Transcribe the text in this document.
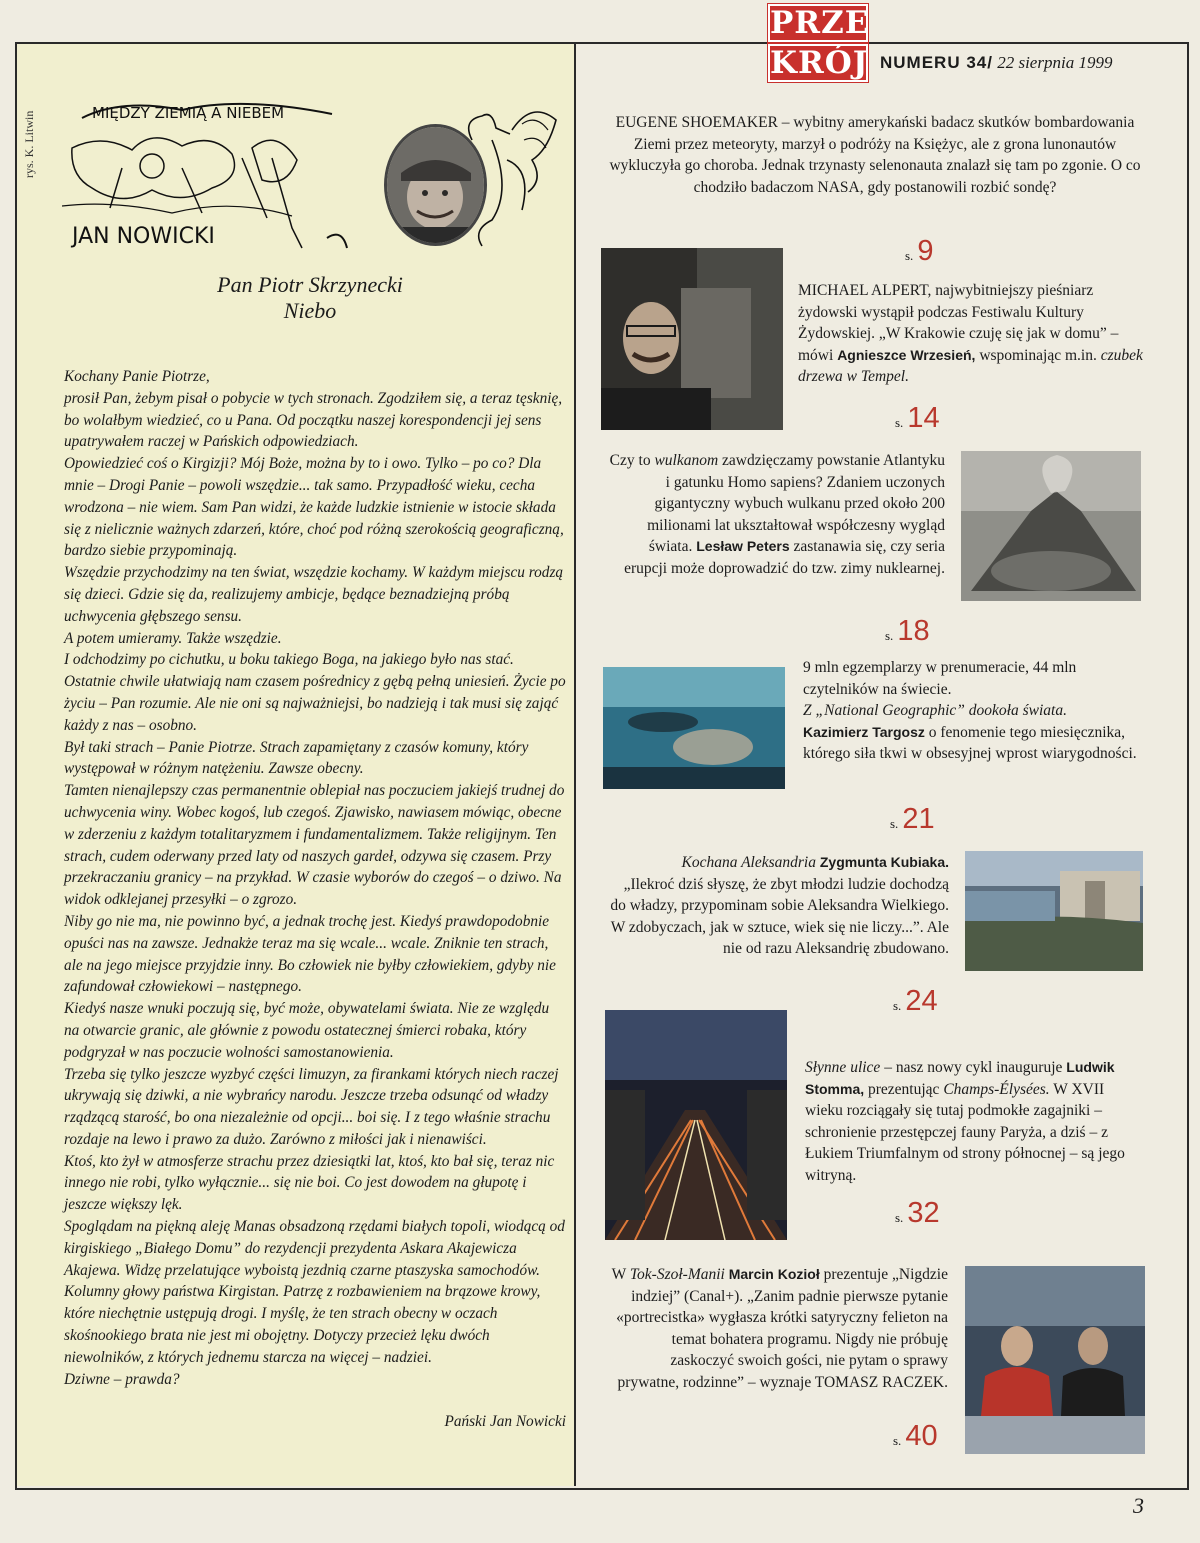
PRZE
KRÓJ NUMERU 34/ 22 sierpnia 1999
rys. K. Litwin	MIĘDZY ZIEMIĄ A NIEBEM
JAN NOWICKI
Pan Piotr Skrzynecki
Niebo

Kochany Panie Piotrze,

prosił Pan, żebym pisał o pobycie w tych stronach. Zgodziłem się, a teraz tęsknię, bo wolałbym wiedzieć, co u Pana. Od początku naszej korespondencji jej sens upatrywałem raczej w Pańskich odpowiedziach.

Opowiedzieć coś o Kirgizji? Mój Boże, można by to i owo. Tylko – po co? Dla mnie – Drogi Panie – powoli wszędzie... tak samo. Przypadłość wieku, cecha wrodzona – nie wiem. Sam Pan widzi, że każde ludzkie istnienie w istocie składa się z nielicznie ważnych zdarzeń, które, choć pod różną szerokością geograficzną, bardzo siebie przypominają.

Wszędzie przychodzimy na ten świat, wszędzie kochamy. W każdym miejscu rodzą się dzieci. Gdzie się da, realizujemy ambicje, będące beznadziejną próbą uchwycenia głębszego sensu.

A potem umieramy. Także wszędzie.

I odchodzimy po cichutku, u boku takiego Boga, na jakiego było nas stać. Ostatnie chwile ułatwiają nam czasem pośrednicy z gębą pełną uniesień. Życie po życiu – Pan rozumie. Ale nie oni są najważniejsi, bo nadzieją i tak musi się zająć każdy z nas – osobno.

Był taki strach – Panie Piotrze. Strach zapamiętany z czasów komuny, który występował w różnym natężeniu. Zawsze obecny.

Tamten nienajlepszy czas permanentnie oblepiał nas poczuciem jakiejś trudnej do uchwycenia winy. Wobec kogoś, lub czegoś. Zjawisko, nawiasem mówiąc, obecne w zderzeniu z każdym totalitaryzmem i fundamentalizmem. Także religijnym. Ten strach, cudem oderwany przed laty od naszych gardeł, odzywa się czasem. Przy przekraczaniu granicy – na przykład. W czasie wyborów do czegoś – o dziwo. Na widok odklejanej przesyłki – o zgrozo.

Niby go nie ma, nie powinno być, a jednak trochę jest. Kiedyś prawdopodobnie opuści nas na zawsze. Jednakże teraz ma się wcale... wcale. Zniknie ten strach, ale na jego miejsce przyjdzie inny. Bo człowiek nie byłby człowiekiem, gdyby nie zafundował człowiekowi – następnego.

Kiedyś nasze wnuki poczują się, być może, obywatelami świata. Nie ze względu na otwarcie granic, ale głównie z powodu ostatecznej śmierci robaka, który podgryzał w nas poczucie wolności samostanowienia.

Trzeba się tylko jeszcze wyzbyć części limuzyn, za firankami których niech raczej ukrywają się dziwki, a nie wybrańcy narodu. Jeszcze trzeba odsunąć od władzy rządzącą starość, bo ona niezależnie od opcji... boi się. I z tego właśnie strachu rozdaje na lewo i prawo za dużo. Zarówno z miłości jak i nienawiści.

Ktoś, kto żył w atmosferze strachu przez dziesiątki lat, ktoś, kto bał się, teraz nic innego nie robi, tylko wyłącznie... się nie boi. Co jest dowodem na głupotę i jeszcze większy lęk.

Spoglądam na piękną aleję Manas obsadzoną rzędami białych topoli, wiodącą od kirgiskiego „Białego Domu” do rezydencji prezydenta Askara Akajewicza Akajewa. Widzę przelatujące wyboistą jezdnią czarne ptaszyska samochodów. Kolumny głowy państwa Kirgistan. Patrzę z rozbawieniem na brązowe krowy, które niechętnie ustępują drogi. I myślę, że ten strach obecny w oczach skośnookiego brata nie jest mi obojętny. Dotyczy przecież lęku dwóch niewolników, z których jednemu starcza na więcej – nadziei.

Dziwne – prawda?

Pański Jan Nowicki

EUGENE SHOEMAKER – wybitny amerykański badacz skutków bombardowania Ziemi przez meteoryty, marzył o podróży na Księżyc, ale z grona lunonautów wykluczyła go choroba. Jednak trzynasty selenonauta znalazł się tam po zgonie. O co chodziło badaczom NASA, gdy postanowili rozbić sondę?

s. 9

MICHAEL ALPERT, najwybitniejszy pieśniarz żydowski wystąpił podczas Festiwalu Kultury Żydowskiej. „W Krakowie czuję się jak w domu” – mówi Agnieszce Wrzesień, wspominając m.in. czubek drzewa w Tempel.

s. 14

Czy to wulkanom zawdzięczamy powstanie Atlantyku i gatunku Homo sapiens? Zdaniem uczonych gigantyczny wybuch wulkanu przed około 200 milionami lat ukształtował współczesny wygląd świata. Lesław Peters zastanawia się, czy seria erupcji może doprowadzić do tzw. zimy nuklearnej.

s. 18

9 mln egzemplarzy w prenumeracie, 44 mln czytelników na świecie.

Z „National Geographic” dookoła świata.

Kazimierz Targosz o fenomenie tego miesięcznika, którego siła tkwi w obsesyjnej wprost wiarygodności.

s. 21

Kochana Aleksandria Zygmunta Kubiaka.

„Ilekroć dziś słyszę, że zbyt młodzi ludzie dochodzą do władzy, przypominam sobie Aleksandra Wielkiego. W zdobyczach, jak w sztuce, wiek się nie liczy...”. Ale nie od razu Aleksandrię zbudowano.

s. 24

Słynne ulice – nasz nowy cykl inauguruje Ludwik Stomma, prezentując Champs-Élysées. W XVII wieku rozciągały się tutaj podmokłe zagajniki – schronienie przestępczej fauny Paryża, a dziś – z Łukiem Triumfalnym od strony północnej – są jego witryną.

s. 32

W Tok-Szoł-Manii Marcin Kozioł prezentuje „Nigdzie indziej” (Canal+). „Zanim padnie pierwsze pytanie «portrecistka» wygłasza krótki satyryczny felieton na temat bohatera programu. Nigdy nie próbuję zaskoczyć swoich gości, nie pytam o sprawy prywatne, rodzinne” – wyznaje TOMASZ RACZEK.

s. 40
3
